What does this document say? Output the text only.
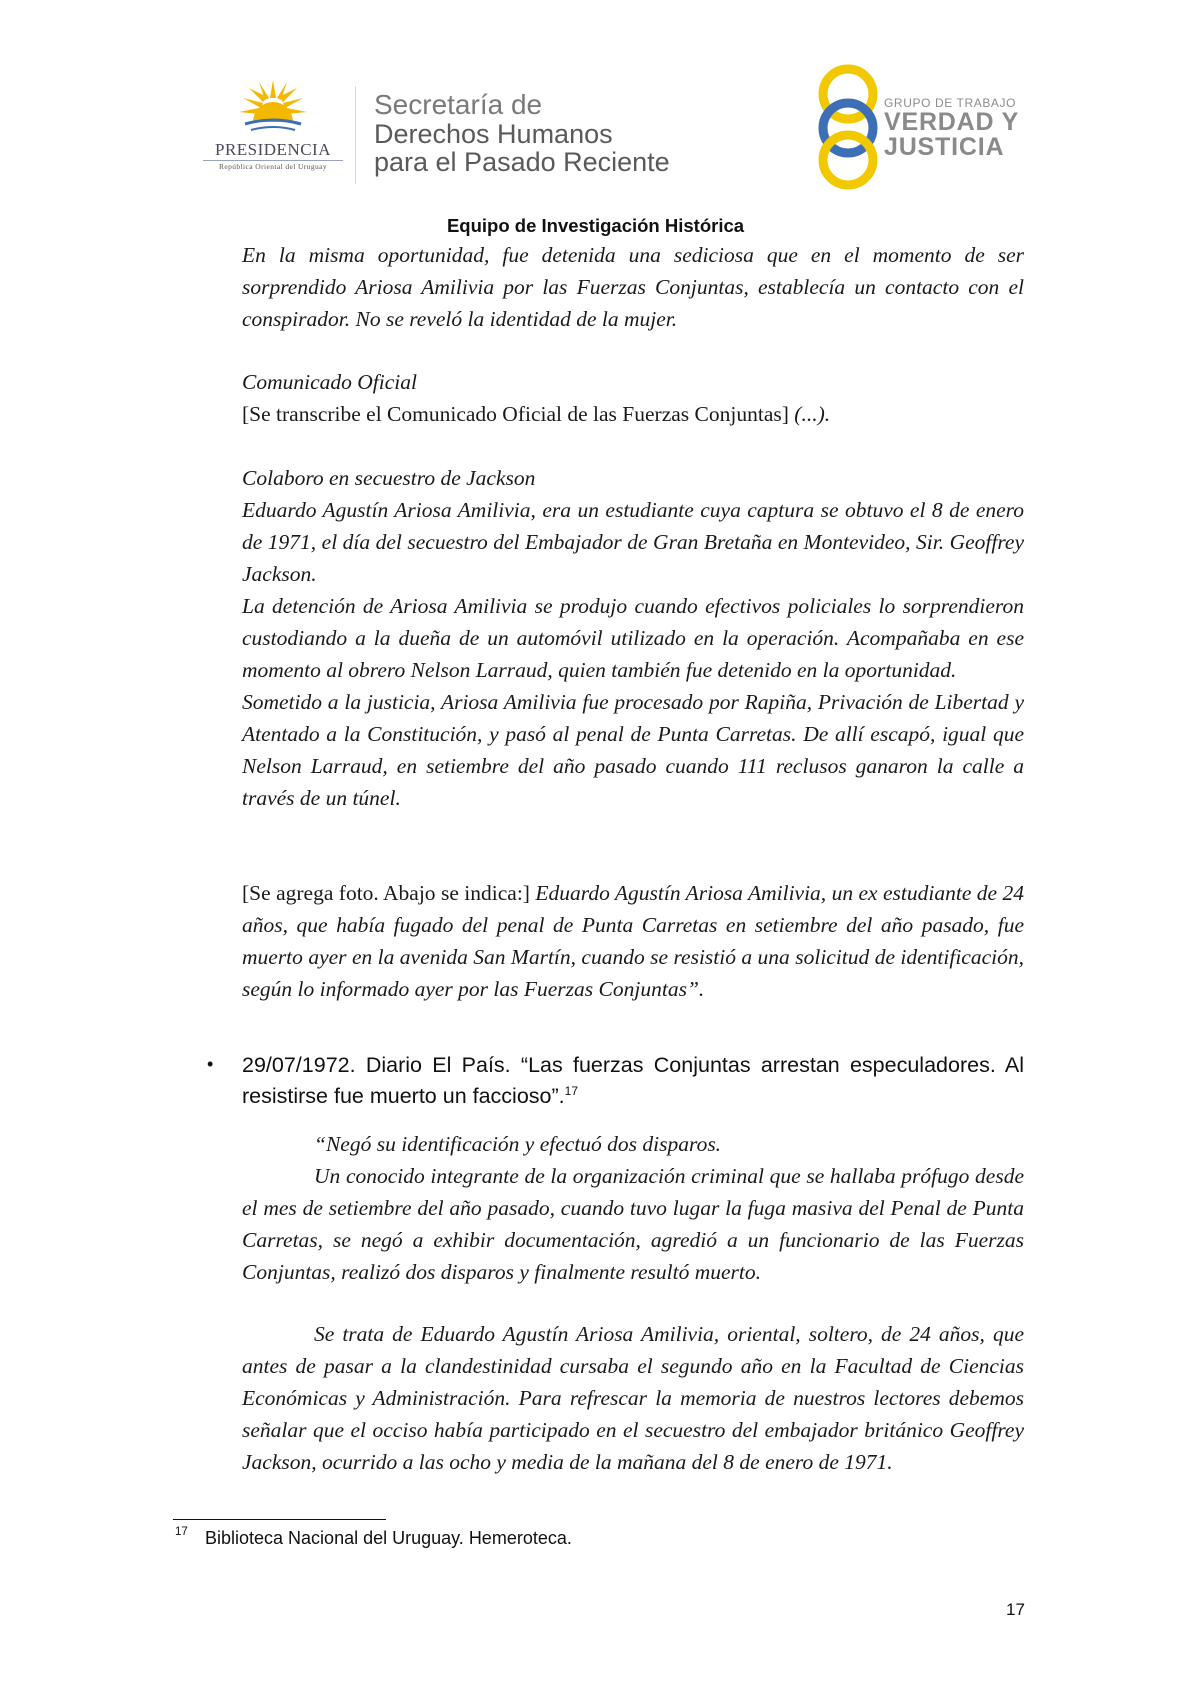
PRESIDENCIA
República Oriental del Uruguay
Secretaría de
Derechos Humanos
para el Pasado Reciente
GRUPO DE TRABAJO
VERDAD Y
JUSTICIA
Equipo de Investigación Histórica

En la misma oportunidad, fue detenida una sediciosa que en el momento de ser sorprendido Ariosa Amilivia por las Fuerzas Conjuntas, establecía un contacto con el conspirador. No se reveló la identidad de la mujer.

Comunicado Oficial
[Se transcribe el Comunicado Oficial de las Fuerzas Conjuntas] (...).

Colaboro en secuestro de Jackson
Eduardo Agustín Ariosa Amilivia, era un estudiante cuya captura se obtuvo el 8 de enero de 1971, el día del secuestro del Embajador de Gran Bretaña en Montevideo, Sir. Geoffrey Jackson.
La detención de Ariosa Amilivia se produjo cuando efectivos policiales lo sorprendieron custodiando a la dueña de un automóvil utilizado en la operación. Acompañaba en ese momento al obrero Nelson Larraud, quien también fue detenido en la oportunidad.
Sometido a la justicia, Ariosa Amilivia fue procesado por Rapiña, Privación de Libertad y Atentado a la Constitución, y pasó al penal de Punta Carretas. De allí escapó, igual que Nelson Larraud, en setiembre del año pasado cuando 111 reclusos ganaron la calle a través de un túnel.

[Se agrega foto. Abajo se indica:] Eduardo Agustín Ariosa Amilivia, un ex estudiante de 24 años, que había fugado del penal de Punta Carretas en setiembre del año pasado, fue muerto ayer en la avenida San Martín, cuando se resistió a una solicitud de identificación, según lo informado ayer por las Fuerzas Conjuntas”.

• 29/07/1972. Diario El País. “Las fuerzas Conjuntas arrestan especuladores. Al resistirse fue muerto un faccioso”.$^{17}$

“Negó su identificación y efectuó dos disparos.

Un conocido integrante de la organización criminal que se hallaba prófugo desde el mes de setiembre del año pasado, cuando tuvo lugar la fuga masiva del Penal de Punta Carretas, se negó a exhibir documentación, agredió a un funcionario de las Fuerzas Conjuntas, realizó dos disparos y finalmente resultó muerto.

Se trata de Eduardo Agustín Ariosa Amilivia, oriental, soltero, de 24 años, que antes de pasar a la clandestinidad cursaba el segundo año en la Facultad de Ciencias Económicas y Administración. Para refrescar la memoria de nuestros lectores debemos señalar que el occiso había participado en el secuestro del embajador británico Geoffrey Jackson, ocurrido a las ocho y media de la mañana del 8 de enero de 1971.

17 Biblioteca Nacional del Uruguay. Hemeroteca.
17
